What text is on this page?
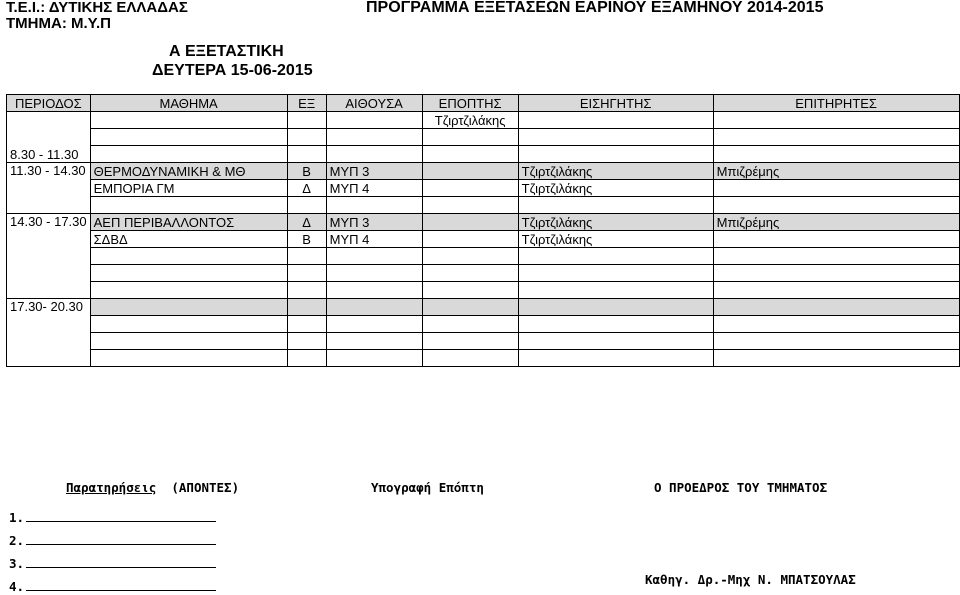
Τ.Ε.Ι.: ΔΥΤΙΚΗΣ ΕΛΛΑΔΑΣ
ΤΜΗΜΑ: Μ.Υ.Π
ΠΡΟΓΡΑΜΜΑ ΕΞΕΤΑΣΕΩΝ ΕΑΡΙΝΟΥ ΕΞΑΜΗΝΟΥ 2014-2015
Α ΕΞΕΤΑΣΤΙΚΗ
ΔΕΥΤΕΡΑ 15-06-2015
ΠΕΡΙΟΔΟΣ	ΜΑΘΗΜΑ	ΕΞ	ΑΙΘΟΥΣΑ	ΕΠΟΠΤΗΣ	ΕΙΣΗΓΗΤΗΣ	ΕΠΙΤΗΡΗΤΕΣ
8.30 - 11.30				Τζιρτζιλάκης		

11.30 - 14.30	ΘΕΡΜΟΔΥΝΑΜΙΚΗ & ΜΘ	Β	ΜΥΠ 3		Τζιρτζιλάκης	Μπιζρέμης
	ΕΜΠΟΡΙΑ ΓΜ	Δ	ΜΥΠ 4		Τζιρτζιλάκης	

14.30 - 17.30	ΑΕΠ ΠΕΡΙΒΑΛΛΟΝΤΟΣ	Δ	ΜΥΠ 3		Τζιρτζιλάκης	Μπιζρέμης
	ΣΔΒΔ	Β	ΜΥΠ 4		Τζιρτζιλάκης	

17.30- 20.30						

Παρατηρήσεις (ΑΠΟΝΤΕΣ)	Υπογραφή Επόπτη	Ο ΠΡΟΕΔΡΟΣ ΤΟΥ ΤΜΗΜΑΤΟΣ
Καθηγ. Δρ.-Μηχ Ν. ΜΠΑΤΣΟΥΛΑΣ
1.
2.
3.
4.
